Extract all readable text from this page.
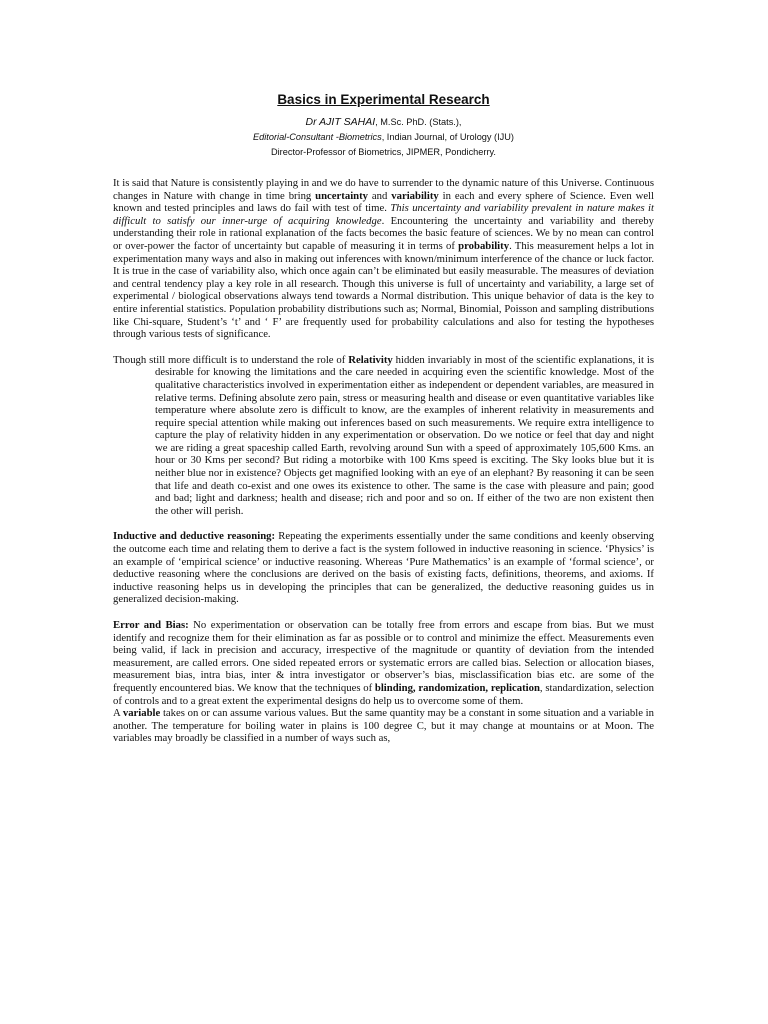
Basics in Experimental Research
Dr AJIT SAHAI, M.Sc. PhD. (Stats.),
Editorial-Consultant -Biometrics, Indian Journal, of Urology (IJU)
Director-Professor of Biometrics, JIPMER, Pondicherry.

It is said that Nature is consistently playing in and we do have to surrender to the dynamic nature of this Universe. Continuous changes in Nature with change in time bring uncertainty and variability in each and every sphere of Science. Even well known and tested principles and laws do fail with test of time. This uncertainty and variability prevalent in nature makes it difficult to satisfy our inner-urge of acquiring knowledge. Encountering the uncertainty and variability and thereby understanding their role in rational explanation of the facts becomes the basic feature of sciences. We by no mean can control or over-power the factor of uncertainty but capable of measuring it in terms of probability. This measurement helps a lot in experimentation many ways and also in making out inferences with known/minimum interference of the chance or luck factor. It is true in the case of variability also, which once again can’t be eliminated but easily measurable. The measures of deviation and central tendency play a key role in all research. Though this universe is full of uncertainty and variability, a large set of experimental / biological observations always tend towards a Normal distribution. This unique behavior of data is the key to entire inferential statistics. Population probability distributions such as; Normal, Binomial, Poisson and sampling distributions like Chi-square, Student’s ‘t’ and ‘ F’ are frequently used for probability calculations and also for testing the hypotheses through various tests of significance.

Though still more difficult is to understand the role of Relativity hidden invariably in most of the scientific explanations, it is desirable for knowing the limitations and the care needed in acquiring even the scientific knowledge. Most of the qualitative characteristics involved in experimentation either as independent or dependent variables, are measured in relative terms. Defining absolute zero pain, stress or measuring health and disease or even quantitative variables like temperature where absolute zero is difficult to know, are the examples of inherent relativity in measurements and require special attention while making out inferences based on such measurements. We require extra intelligence to capture the play of relativity hidden in any experimentation or observation. Do we notice or feel that day and night we are riding a great spaceship called Earth, revolving around Sun with a speed of approximately 105,600 Kms. an hour or 30 Kms per second? But riding a motorbike with 100 Kms speed is exciting. The Sky looks blue but it is neither blue nor in existence? Objects get magnified looking with an eye of an elephant? By reasoning it can be seen that life and death co-exist and one owes its existence to other. The same is the case with pleasure and pain; good and bad; light and darkness; health and disease; rich and poor and so on. If either of the two are non existent then the other will perish.

Inductive and deductive reasoning: Repeating the experiments essentially under the same conditions and keenly observing the outcome each time and relating them to derive a fact is the system followed in inductive reasoning in science. ‘Physics’ is an example of ‘empirical science’ or inductive reasoning. Whereas ‘Pure Mathematics’ is an example of ‘formal science’, or deductive reasoning where the conclusions are derived on the basis of existing facts, definitions, theorems, and axioms. If inductive reasoning helps us in developing the principles that can be generalized, the deductive reasoning guides us in generalized decision-making.

Error and Bias: No experimentation or observation can be totally free from errors and escape from bias. But we must identify and recognize them for their elimination as far as possible or to control and minimize the effect. Measurements even being valid, if lack in precision and accuracy, irrespective of the magnitude or quantity of deviation from the intended measurement, are called errors. One sided repeated errors or systematic errors are called bias. Selection or allocation biases, measurement bias, intra bias, inter & intra investigator or observer’s bias, misclassification bias etc. are some of the frequently encountered bias. We know that the techniques of blinding, randomization, replication, standardization, selection of controls and to a great extent the experimental designs do help us to overcome some of them.

A variable takes on or can assume various values. But the same quantity may be a constant in some situation and a variable in another. The temperature for boiling water in plains is 100 degree C, but it may change at mountains or at Moon. The variables may broadly be classified in a number of ways such as,
